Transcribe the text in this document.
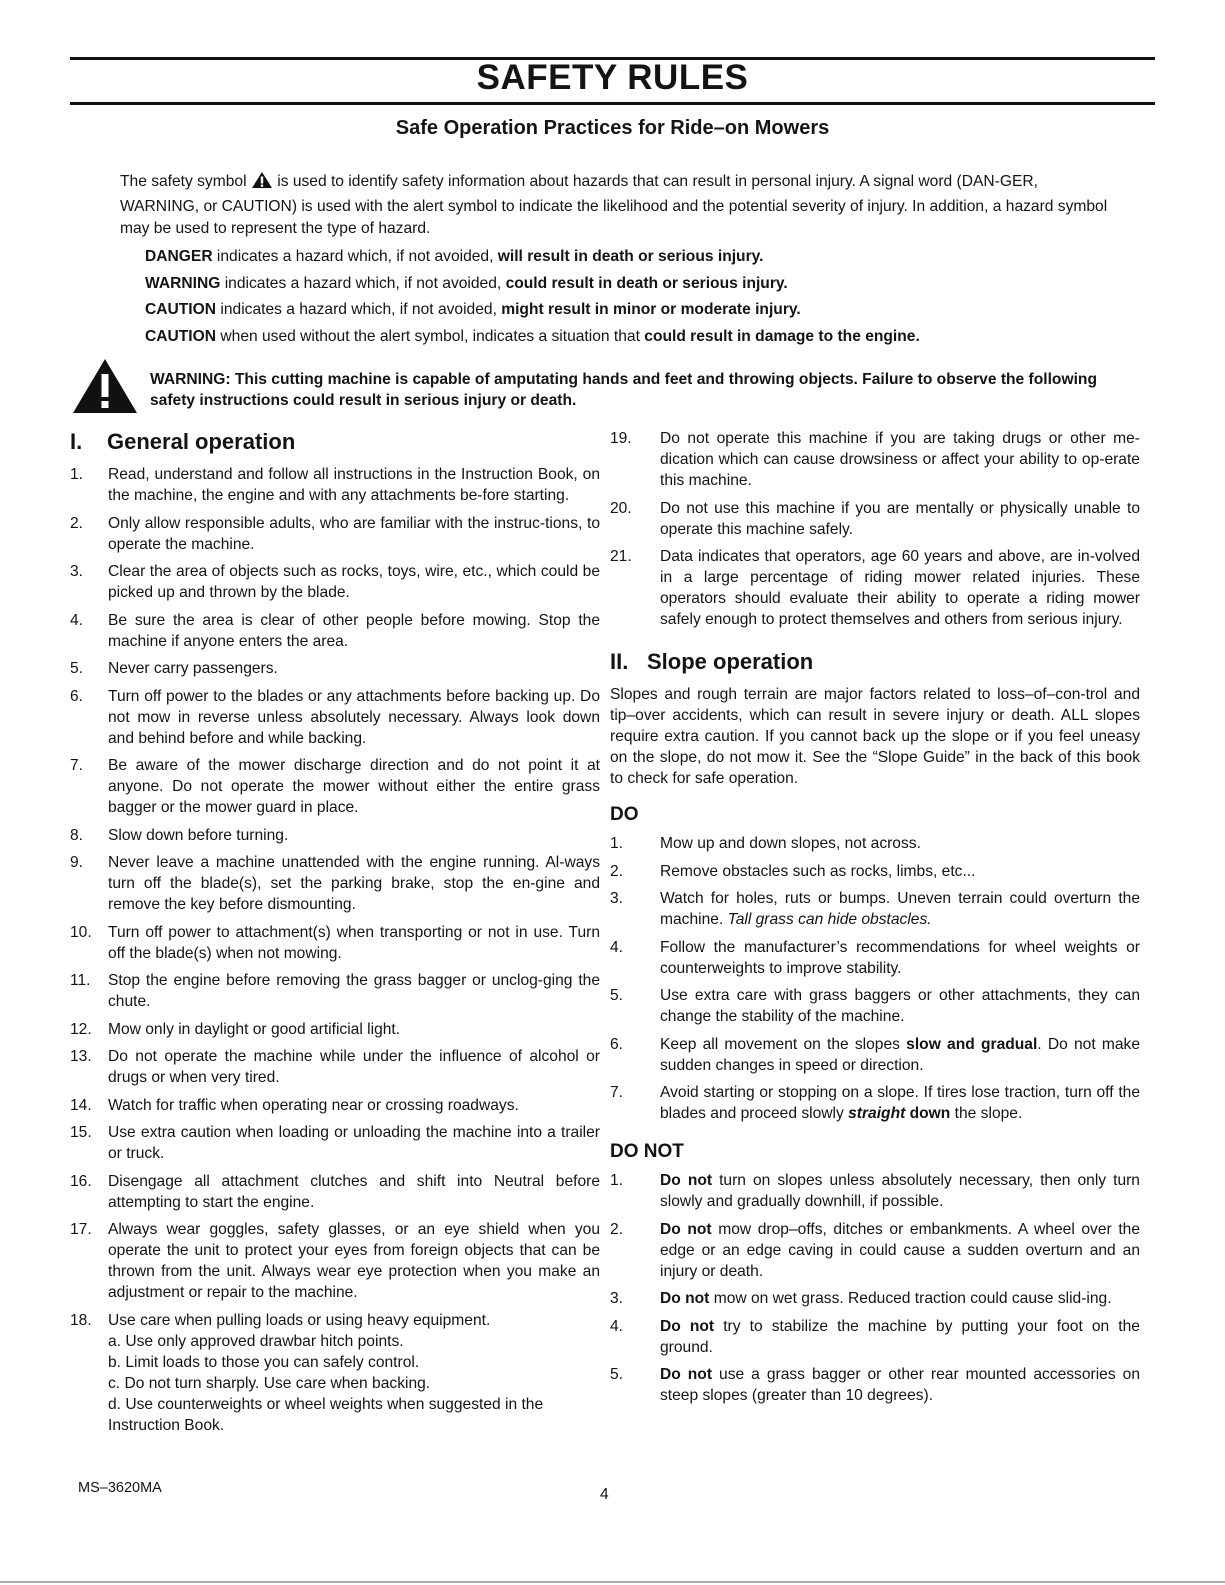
SAFETY RULES
Safe Operation Practices for Ride–on Mowers
The safety symbol is used to identify safety information about hazards that can result in personal injury. A signal word (DAN-GER, WARNING, or CAUTION) is used with the alert symbol to indicate the likelihood and the potential severity of injury. In addition, a hazard symbol may be used to represent the type of hazard.

DANGER indicates a hazard which, if not avoided, will result in death or serious injury.

WARNING indicates a hazard which, if not avoided, could result in death or serious injury.

CAUTION indicates a hazard which, if not avoided, might result in minor or moderate injury.

CAUTION when used without the alert symbol, indicates a situation that could result in damage to the engine.

WARNING: This cutting machine is capable of amputating hands and feet and throwing objects. Failure to observe the following safety instructions could result in serious injury or death.
I.	General operation
1.	Read, understand and follow all instructions in the Instruction Book, on the machine, the engine and with any attachments be-fore starting.
2.	Only allow responsible adults, who are familiar with the instruc-tions, to operate the machine.
3.	Clear the area of objects such as rocks, toys, wire, etc., which could be picked up and thrown by the blade.
4.	Be sure the area is clear of other people before mowing. Stop the machine if anyone enters the area.
5.	Never carry passengers.
6.	Turn off power to the blades or any attachments before backing up. Do not mow in reverse unless absolutely necessary. Always look down and behind before and while backing.
7.	Be aware of the mower discharge direction and do not point it at anyone. Do not operate the mower without either the entire grass bagger or the mower guard in place.
8.	Slow down before turning.
9.	Never leave a machine unattended with the engine running. Al-ways turn off the blade(s), set the parking brake, stop the en-gine and remove the key before dismounting.
10.	Turn off power to attachment(s) when transporting or not in use. Turn off the blade(s) when not mowing.
11.	Stop the engine before removing the grass bagger or unclog-ging the chute.
12.	Mow only in daylight or good artificial light.
13.	Do not operate the machine while under the influence of alcohol or drugs or when very tired.
14.	Watch for traffic when operating near or crossing roadways.
15.	Use extra caution when loading or unloading the machine into a trailer or truck.
16.	Disengage all attachment clutches and shift into Neutral before attempting to start the engine.
17.	Always wear goggles, safety glasses, or an eye shield when you operate the unit to protect your eyes from foreign objects that can be thrown from the unit. Always wear eye protection when you make an adjustment or repair to the machine.
18.	Use care when pulling loads or using heavy equipment.
a. Use only approved drawbar hitch points.
b. Limit loads to those you can safely control.
c. Do not turn sharply. Use care when backing.
d. Use counterweights or wheel weights when suggested in the Instruction Book.
19.	Do not operate this machine if you are taking drugs or other me-dication which can cause drowsiness or affect your ability to op-erate this machine.
20.	Do not use this machine if you are mentally or physically unable to operate this machine safely.
21.	Data indicates that operators, age 60 years and above, are in-volved in a large percentage of riding mower related injuries. These operators should evaluate their ability to operate a riding mower safely enough to protect themselves and others from serious injury.
II. Slope operation

Slopes and rough terrain are major factors related to loss–of–con-trol and tip–over accidents, which can result in severe injury or death. ALL slopes require extra caution. If you cannot back up the slope or if you feel uneasy on the slope, do not mow it. See the “Slope Guide” in the back of this book to check for safe operation.

DO
1.	Mow up and down slopes, not across.
2.	Remove obstacles such as rocks, limbs, etc...
3.	Watch for holes, ruts or bumps. Uneven terrain could overturn the machine. Tall grass can hide obstacles.
4.	Follow the manufacturer’s recommendations for wheel weights or counterweights to improve stability.
5.	Use extra care with grass baggers or other attachments, they can change the stability of the machine.
6.	Keep all movement on the slopes slow and gradual. Do not make sudden changes in speed or direction.
7.	Avoid starting or stopping on a slope. If tires lose traction, turn off the blades and proceed slowly straight down the slope.
DO NOT
1.	Do not turn on slopes unless absolutely necessary, then only turn slowly and gradually downhill, if possible.
2.	Do not mow drop–offs, ditches or embankments. A wheel over the edge or an edge caving in could cause a sudden overturn and an injury or death.
3.	Do not mow on wet grass. Reduced traction could cause slid-ing.
4.	Do not try to stabilize the machine by putting your foot on the ground.
5.	Do not use a grass bagger or other rear mounted accessories on steep slopes (greater than 10 degrees).
MS–3620MA	4
